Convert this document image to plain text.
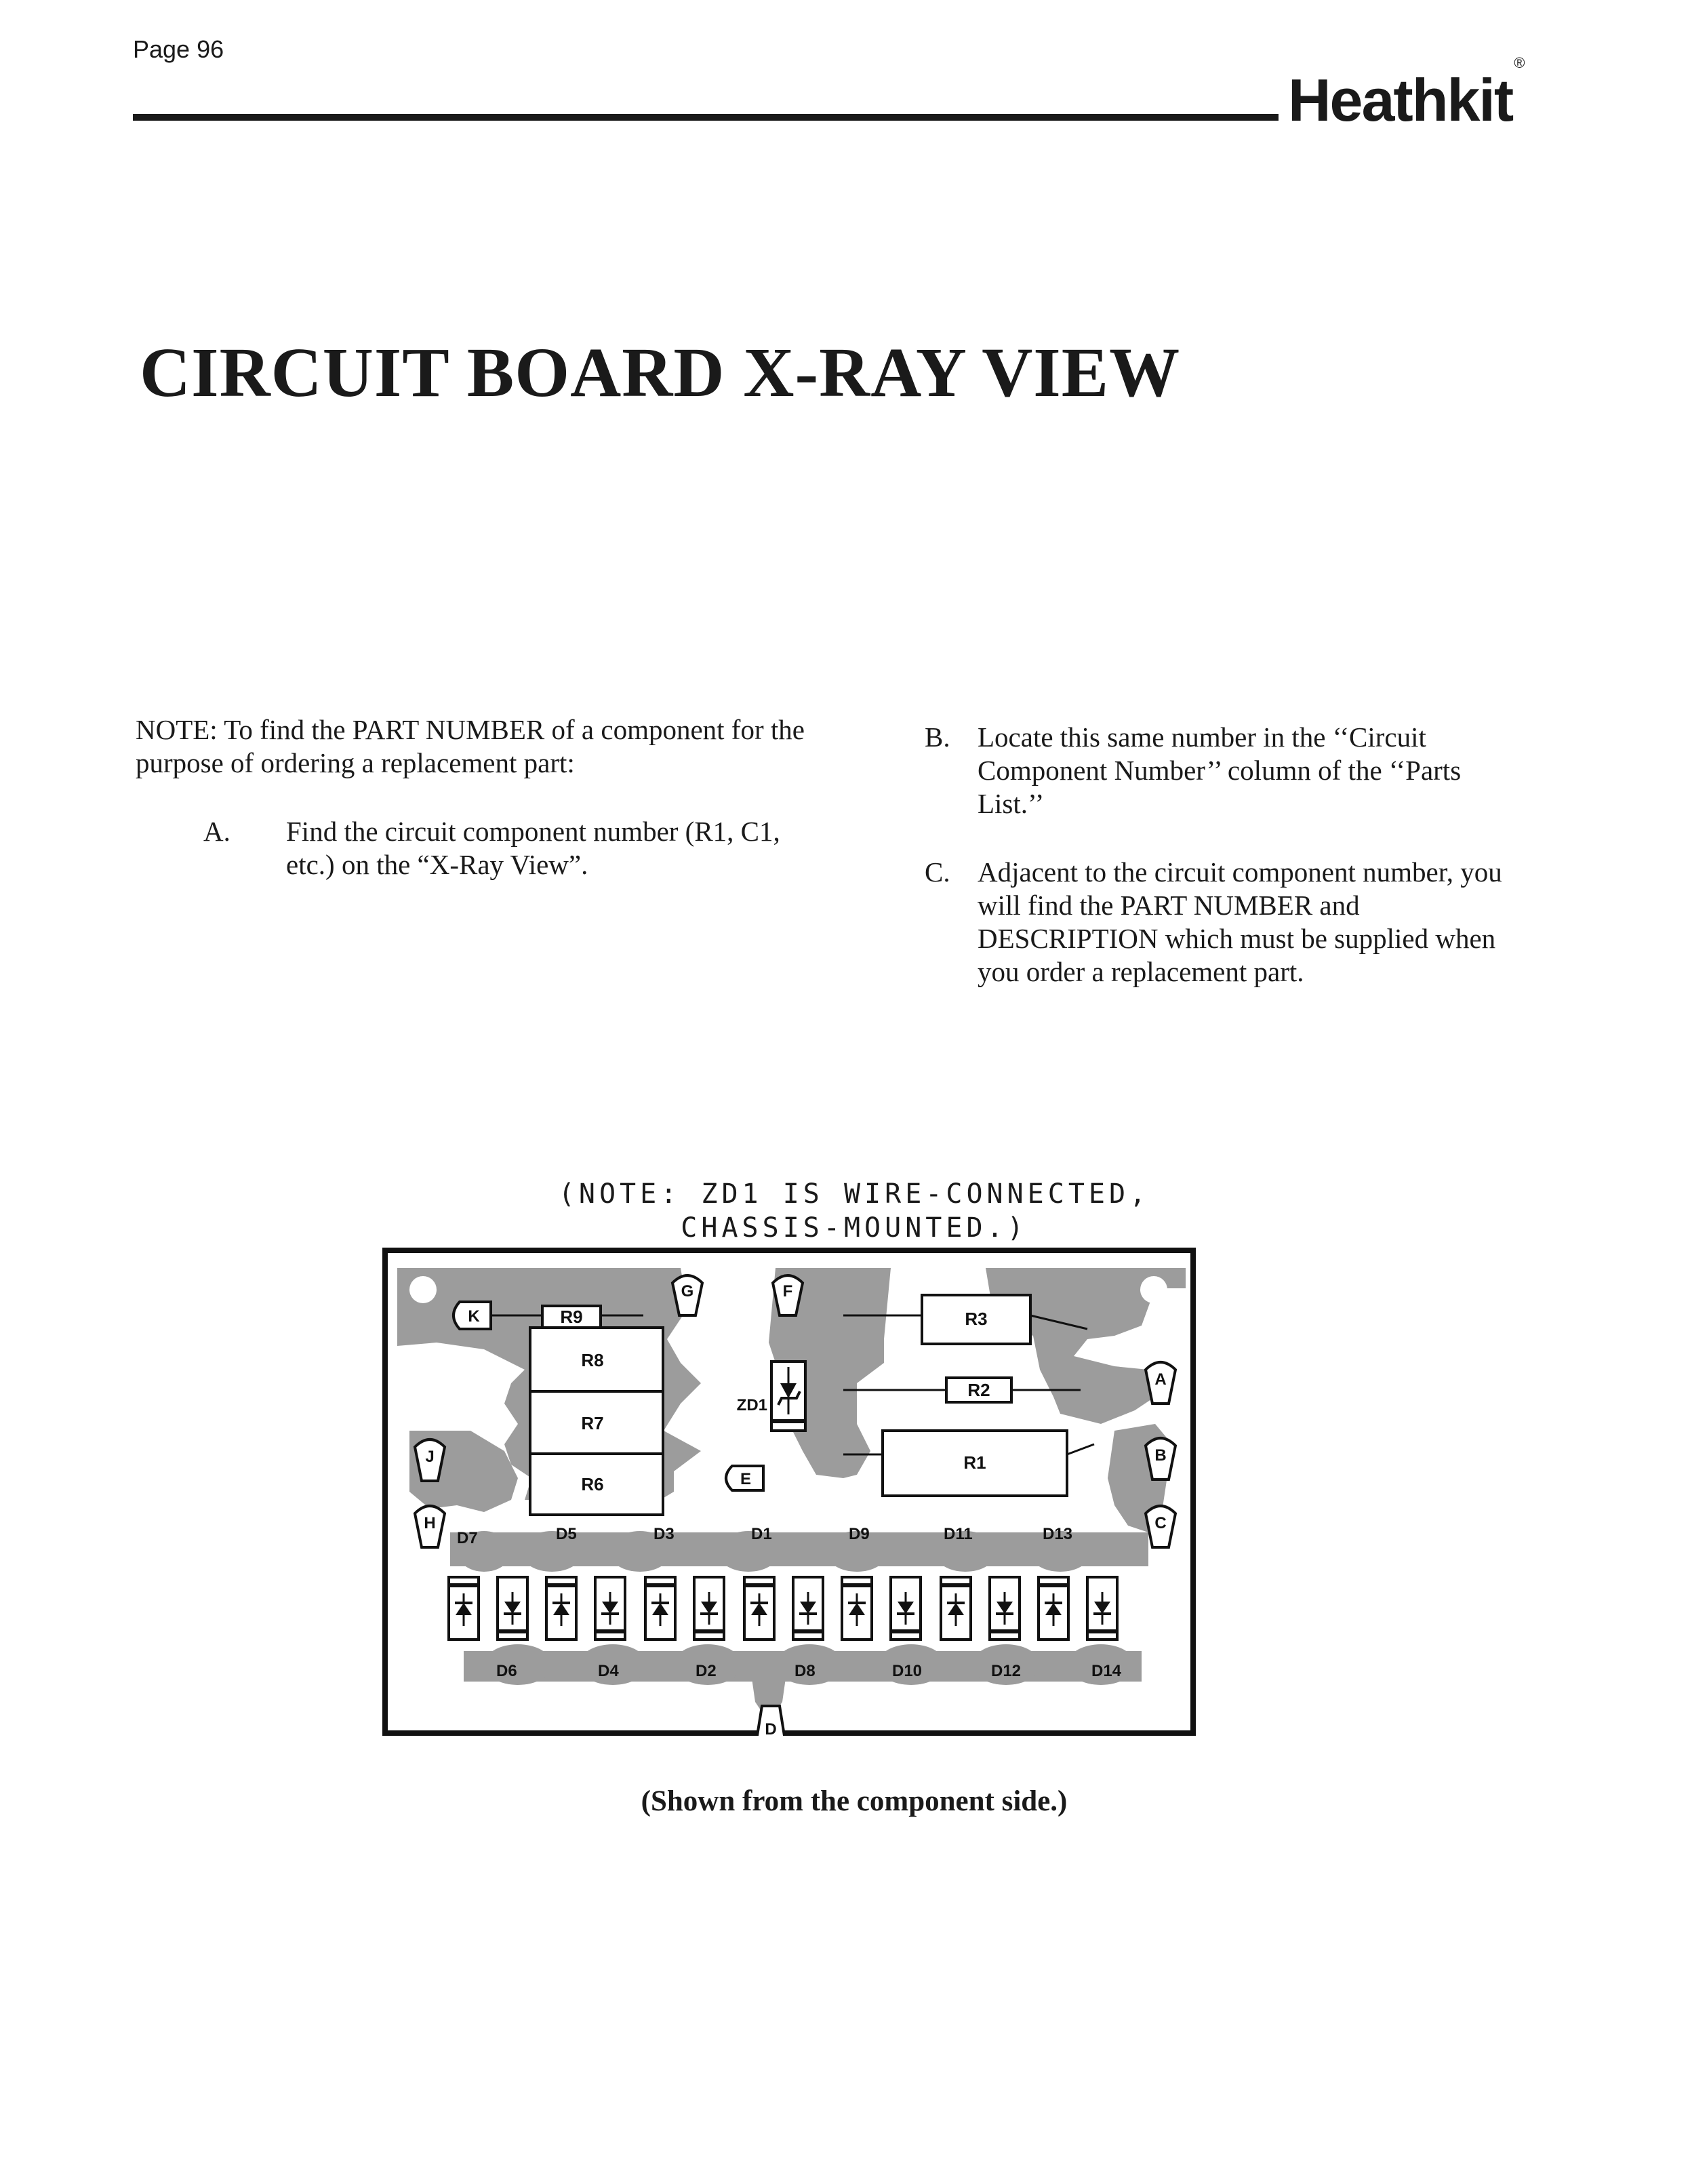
Page 96
Heathkit®
CIRCUIT BOARD X-RAY VIEW
NOTE: To find the PART NUMBER of a component for the purpose of ordering a replacement part:
A. Find the circuit component number (R1, C1, etc.) on the “X-Ray View”.
B. Locate this same number in the ‘‘Circuit Component Number’’ column of the ‘‘Parts List.’’
C. Adjacent to the circuit component number, you will find the PART NUMBER and DESCRIPTION which must be supplied when you order a replacement part.
(NOTE: ZD1 IS WIRE-CONNECTED,
CHASSIS-MOUNTED.)
R9
R8
R7
R6
R3
R2
R1
ZD1
K
G	F
A
B
C
J
H
E
D
D7	D5	D3	D1	D9	D11	D13
D6	D4	D2	D8	D10	D12	D14
(Shown from the component side.)
